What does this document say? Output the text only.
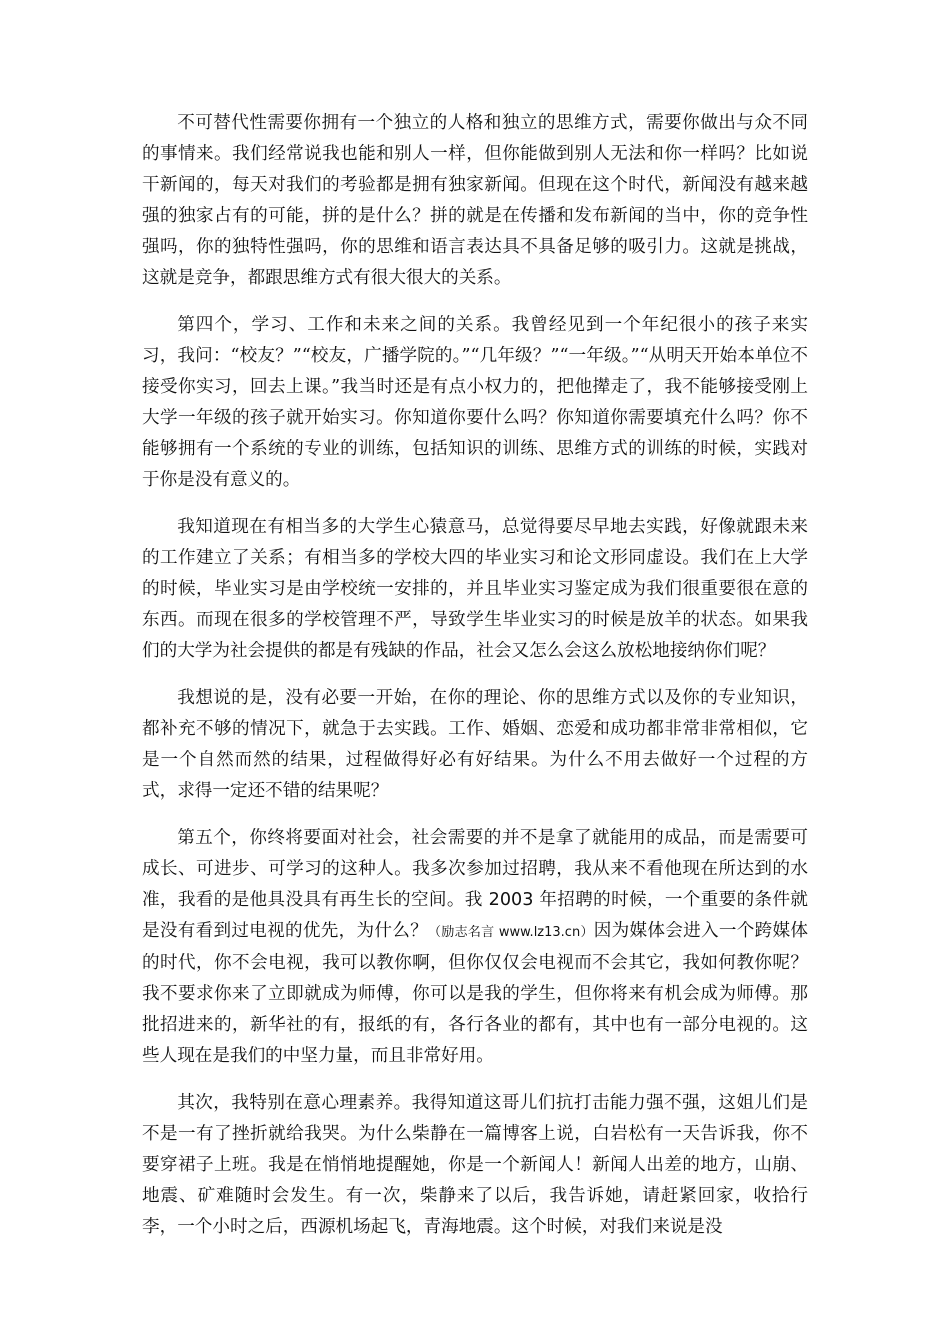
不可替代性需要你拥有一个独立的人格和独立的思维方式，需要你做出与众不同的事情来。我们经常说我也能和别人一样，但你能做到别人无法和你一样吗？比如说干新闻的，每天对我们的考验都是拥有独家新闻。但现在这个时代，新闻没有越来越强的独家占有的可能，拼的是什么？拼的就是在传播和发布新闻的当中，你的竞争性强吗，你的独特性强吗，你的思维和语言表达具不具备足够的吸引力。这就是挑战，这就是竞争，都跟思维方式有很大很大的关系。

第四个，学习、工作和未来之间的关系。我曾经见到一个年纪很小的孩子来实习，我问：“校友？”“校友，广播学院的。”“几年级？”“一年级。”“从明天开始本单位不接受你实习，回去上课。”我当时还是有点小权力的，把他撵走了，我不能够接受刚上大学一年级的孩子就开始实习。你知道你要什么吗？你知道你需要填充什么吗？你不能够拥有一个系统的专业的训练，包括知识的训练、思维方式的训练的时候，实践对于你是没有意义的。

我知道现在有相当多的大学生心猿意马，总觉得要尽早地去实践，好像就跟未来的工作建立了关系；有相当多的学校大四的毕业实习和论文形同虚设。我们在上大学的时候，毕业实习是由学校统一安排的，并且毕业实习鉴定成为我们很重要很在意的东西。而现在很多的学校管理不严，导致学生毕业实习的时候是放羊的状态。如果我们的大学为社会提供的都是有残缺的作品，社会又怎么会这么放松地接纳你们呢？

我想说的是，没有必要一开始，在你的理论、你的思维方式以及你的专业知识，都补充不够的情况下，就急于去实践。工作、婚姻、恋爱和成功都非常非常相似，它是一个自然而然的结果，过程做得好必有好结果。为什么不用去做好一个过程的方式，求得一定还不错的结果呢？

第五个，你终将要面对社会，社会需要的并不是拿了就能用的成品，而是需要可成长、可进步、可学习的这种人。我多次参加过招聘，我从来不看他现在所达到的水准，我看的是他具没具有再生长的空间。我 2003 年招聘的时候，一个重要的条件就是没有看到过电视的优先，为什么？（励志名言 www.lz13.cn）因为媒体会进入一个跨媒体的时代，你不会电视，我可以教你啊，但你仅仅会电视而不会其它，我如何教你呢？我不要求你来了立即就成为师傅，你可以是我的学生，但你将来有机会成为师傅。那批招进来的，新华社的有，报纸的有，各行各业的都有，其中也有一部分电视的。这些人现在是我们的中坚力量，而且非常好用。

其次，我特别在意心理素养。我得知道这哥儿们抗打击能力强不强，这姐儿们是不是一有了挫折就给我哭。为什么柴静在一篇博客上说，白岩松有一天告诉我，你不要穿裙子上班。我是在悄悄地提醒她，你是一个新闻人！新闻人出差的地方，山崩、地震、矿难随时会发生。有一次，柴静来了以后，我告诉她，请赶紧回家，收拾行李，一个小时之后，西源机场起飞，青海地震。这个时候，对我们来说是没
